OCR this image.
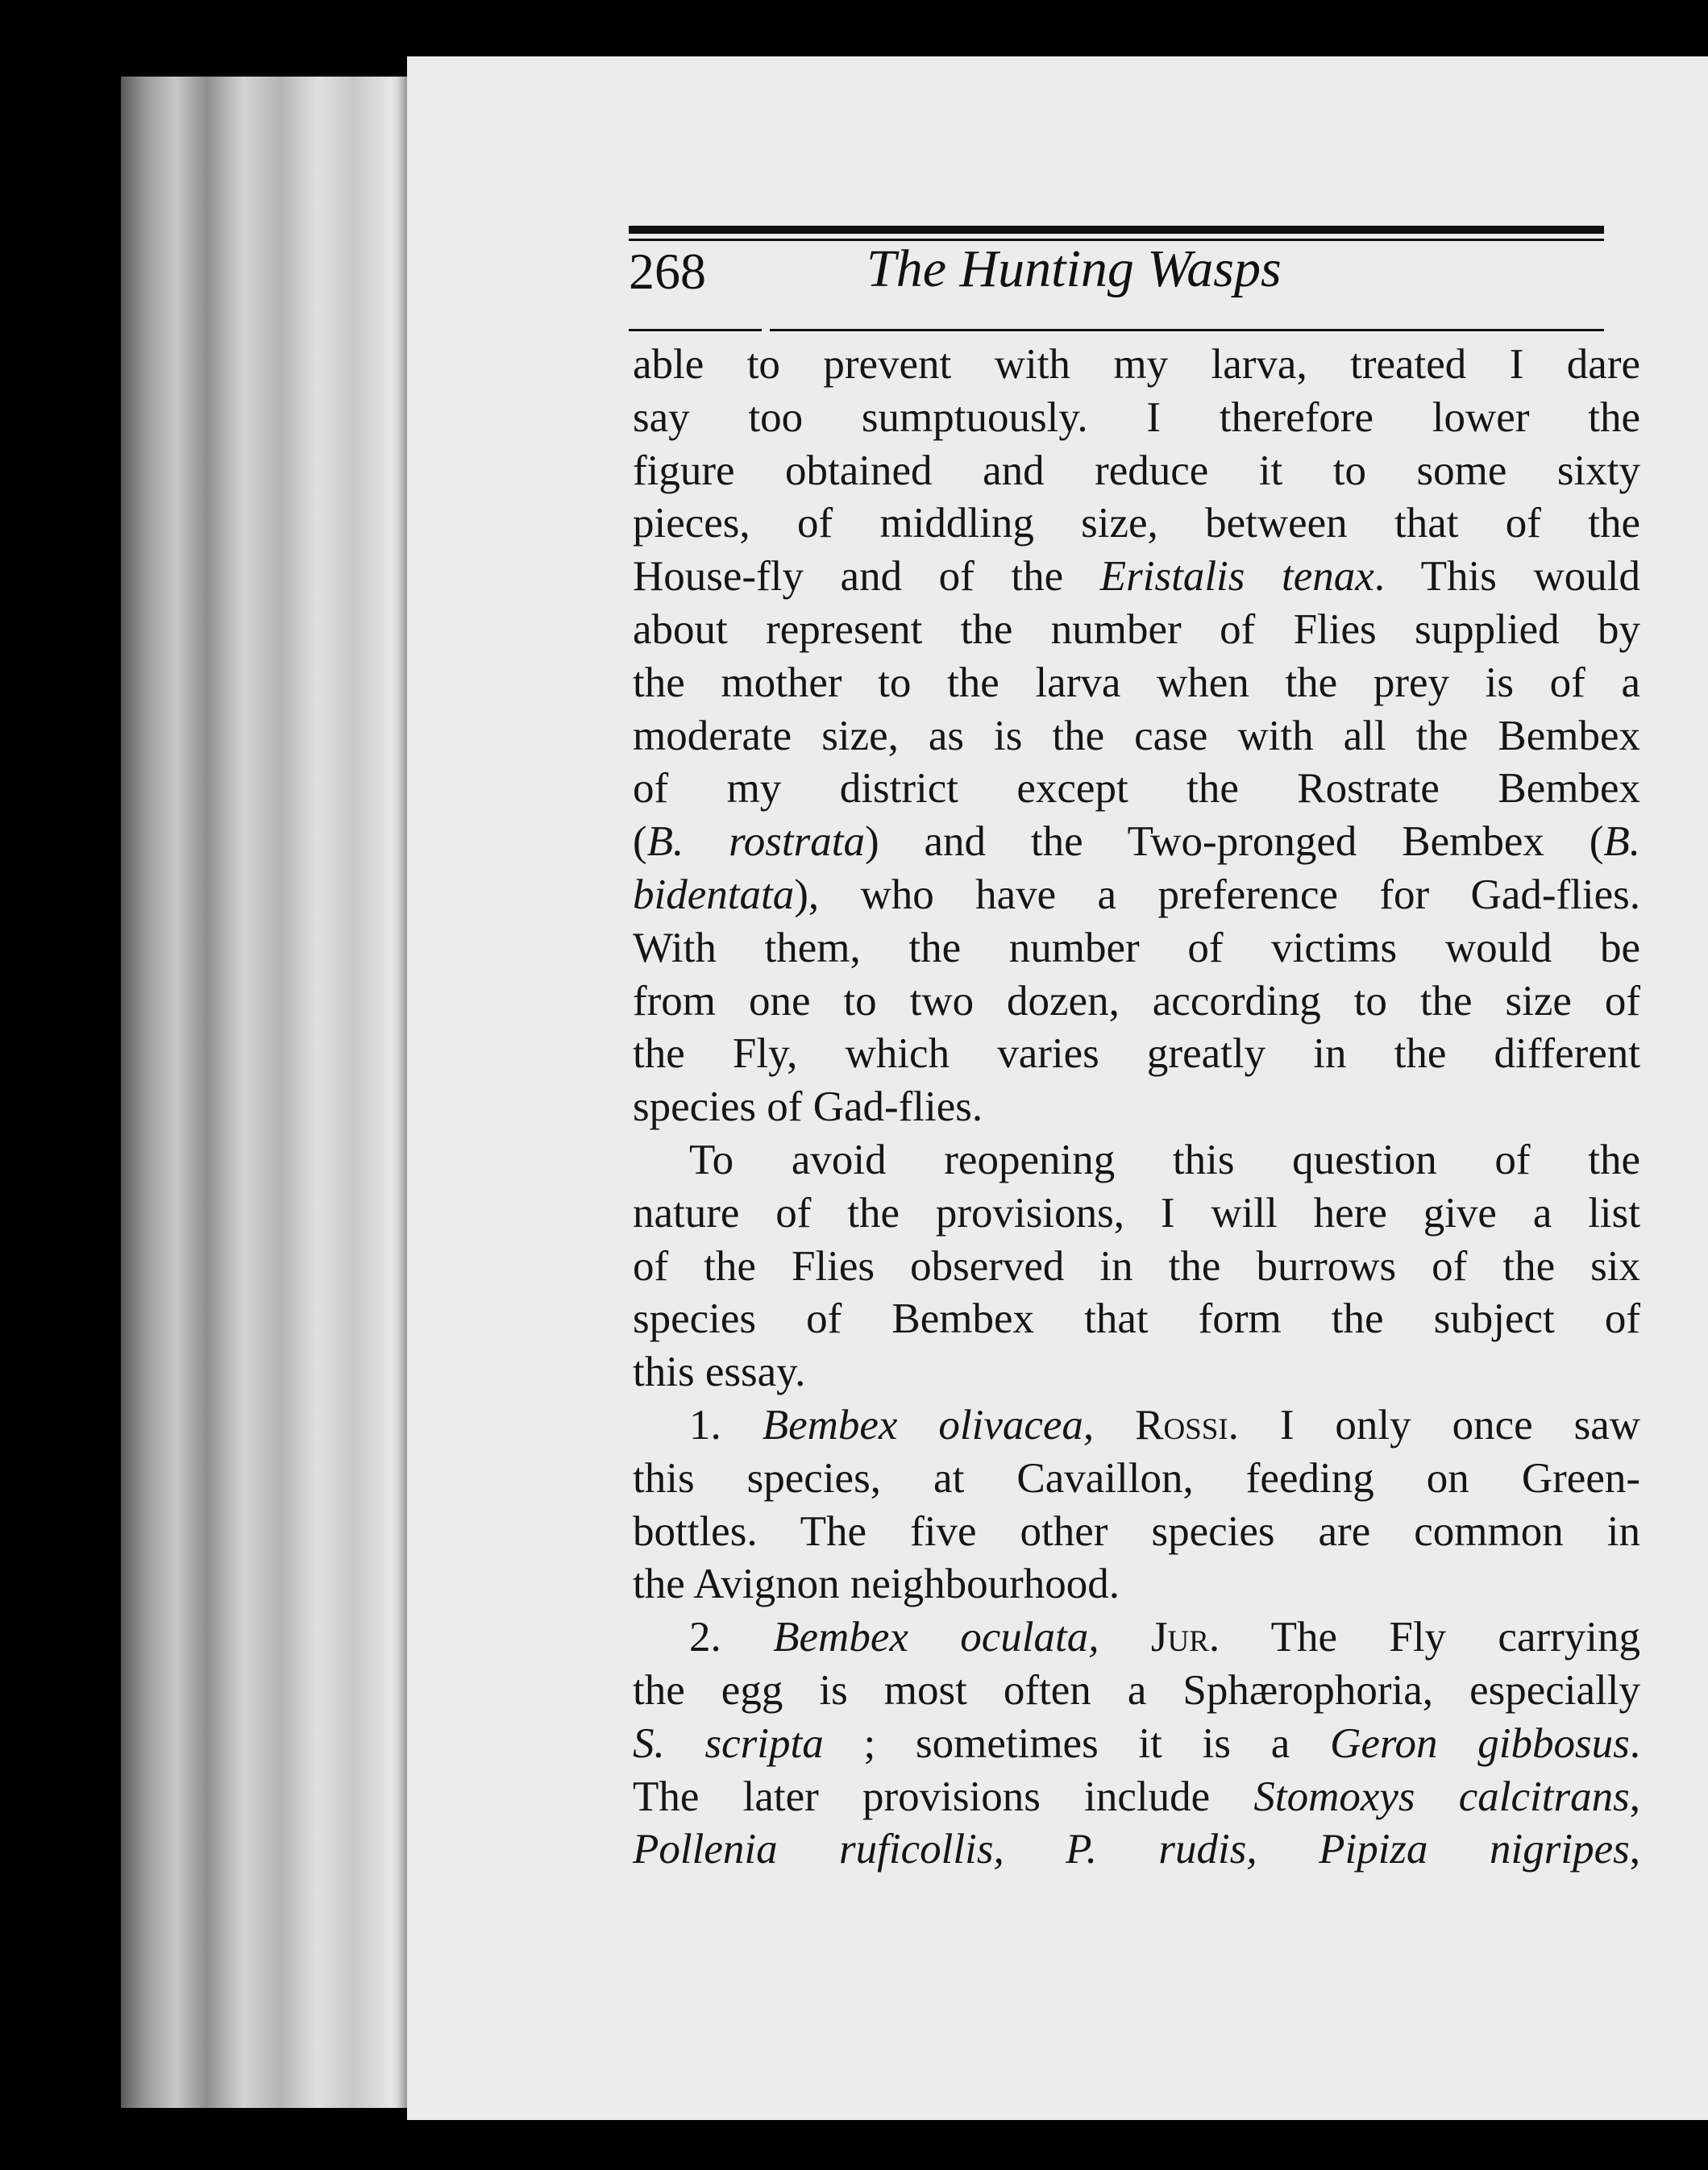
268	The Hunting Wasps
able to prevent with my larva, treated I dare
say too sumptuously. I therefore lower the
figure obtained and reduce it to some sixty
pieces, of middling size, between that of the
House-fly and of the Eristalis tenax. This would
about represent the number of Flies supplied by
the mother to the larva when the prey is of a
moderate size, as is the case with all the Bembex
of my district except the Rostrate Bembex
(B. rostrata) and the Two-pronged Bembex (B.
bidentata), who have a preference for Gad-flies.
With them, the number of victims would be
from one to two dozen, according to the size of
the Fly, which varies greatly in the different
species of Gad-flies.
To avoid reopening this question of the
nature of the provisions, I will here give a list
of the Flies observed in the burrows of the six
species of Bembex that form the subject of
this essay.
1. Bembex olivacea, Rossi. I only once saw
this species, at Cavaillon, feeding on Green-
bottles. The five other species are common in
the Avignon neighbourhood.
2. Bembex oculata, Jur. The Fly carrying
the egg is most often a Sphærophoria, especially
S. scripta ; sometimes it is a Geron gibbosus.
The later provisions include Stomoxys calcitrans,
Pollenia ruficollis, P. rudis, Pipiza nigripes,
